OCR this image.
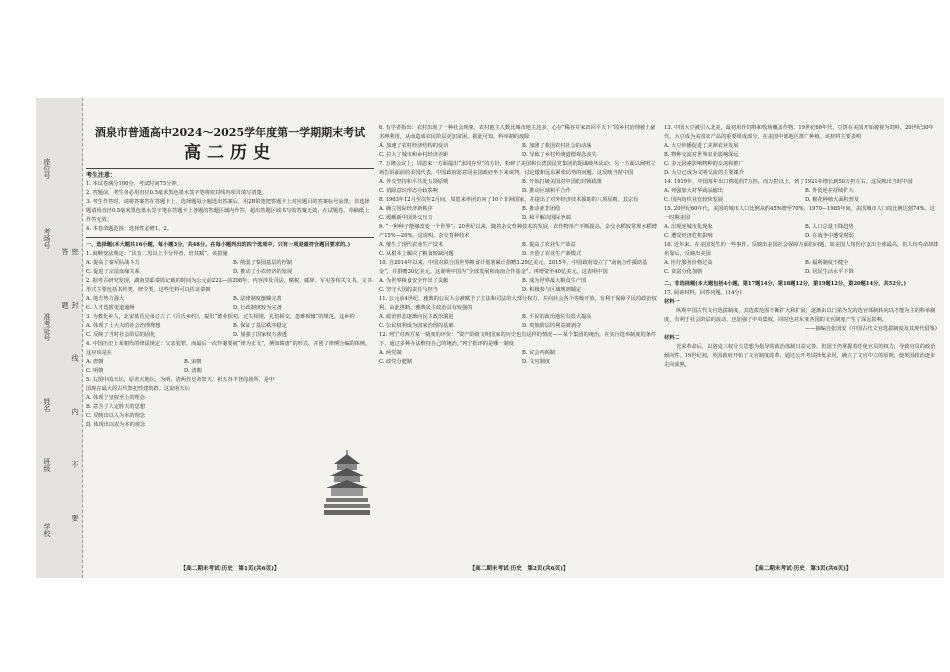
座位号
考场号
准考证号
姓名
班级
学校	密 封 线 内 不 要 答 题
酒泉市普通高中2024～2025学年度第一学期期末考试
高二历史
考生注意：
1. 本试卷满分100分，考试时间75分钟。
2. 答题前，考生务必用直径0.5毫米黑色墨水签字笔将密封线内项目填写清楚。
3. 考生作答时，请将答案答在答题卡上。选择题每小题选出答案后，用2B铅笔把答题卡上对应题目的答案标号涂黑；非选择题请用直径0.5毫米黑色墨水签字笔在答题卡上各题的答题区域内作答，超出答题区域书写的答案无效，在试题卷、草稿纸上作答无效。
4. 本卷命题范围：选择性必修1、2。
一、选择题(本大题共16小题，每小题3分，共48分。在每小题列出的四个选项中，只有一项是最符合题目要求的。)

1. 商鞅变法规定：“民有二男以上不分异者，倍其赋”。该措施

A. 提高了秦军队战斗力	B. 削弱了秦国基层的控制
C. 促进了宗法血缘关系	D. 推动了小农经济的发展

2. 据考古研究发现，湖南里耶秦简记载的时间为公元前222—前208年，内容涉及司法、赋税、邮驿、军屯等相关文书。文书形式主要包括书传类、律令类。这些史料可以佐证秦朝

A. 地方势力强大	B. 法律制度渐臻完善
C. 人才选拔渠道通畅	D. 行政制度较为完备

3. 为教化乡人，北宋蓝氏兄弟订立了《吕氏乡约》，提出“德业相劝，过失相规，礼俗相交，患难相恤”的规范。这乡约

A. 体现了士大夫的社会治理理想	B. 保证了基层秩序稳定
C. 反映了当时社会阶层的固化	D. 加强了国家权力渗透

4. 中国历史上某朝代的律法规定：父亲犯罪，而最后一次作案要被“律为正文”，例如隋唐“的形式，并创了律例合编的体例。这应该是在

A. 唐朝	B. 宋朝
C. 明朝	D. 清朝

5. 右图中的天坛，原名天地坛，为明、清两代皇帝祭天、祈五谷丰登的场所，是中国现存最大的古代祭祀性建筑群。这说明天坛

A. 体现了皇权至上的理念
B. 意含了人定胜天的思想
C. 反映出以人为本的理念
D. 体现出以农为本的观念
【高二期末考试·历史　第1页(共6页)】

6. 有学者指出：农村出现了一种社会现象，农村地主人数比城市地主还多，心存“稀谷并家田回平天下”的乡村治理被土豪劣绅利用，从而造成农民阶层更加贫困。据此可知，科举制的废除

A. 加速了农村经济结构的变动	B. 加剧了我国农村社会的动荡
C. 拉大了城市和乡村经济差距	D. 导致了乡村传统道德观念丧失

7. 万隆会议上，周恩来一方面提出“求同存异”的方针，粉碎了美国和台湾国民党集团的阴谋破坏活动；另一方面以阐明立场告诉面前的美国代表，中国政府愿意同美国政府坐下来谈判，讨论缓和远东紧张局势的问题。这反映当时中国

A. 外交坚持和平共处五项原则	B. 开始打破美国对中国的封锁政策
C. 消除意识形态分歧影响	D. 推动区域和平合作

8. 1963年12月至次年2月间，周恩来率团访问了10个非洲国家，并提出了对外经济技术援助的八项原则。其宗旨

A. 确立国际经济新秩序	B. 推动亚非团结
C. 缓解新中国外交压力	D. 和平解决国际争端

9. “一种种子能够改变一个世界”。20世纪以来，随着杂交育种技术的发展，农作物单产不断提高，杂交水稻较常规水稻增产15%—20%。这说明，杂交育种技术

A. 催生了现代农业生产技术	B. 提高了农业生产效益
C. 从根本上解决了粮食短缺问题	D. 开创了农业生产新模式

10. 自2014年以来，中国对联合国世界粮食计划署累计捐赠3.29亿美元。2015年，中国政府设立了“南南合作援助基金”，并捐赠30亿美元。这说明中国为“全球发展和南南合作基金”，再增资至40亿美元。这表明中国

A. 为世界粮食安全作出了贡献	B. 成为世界最大粮食生产国
C. 坚守大国的责任与担当	D. 积极参与区域规则制定

11. 公元前4世纪，雅典的公民大会被赋予了立法和司法的大部分权力，并向社会各个等级开放，有利于保障平民的政治权利。由此推断，雅典民主政治具有较强的

A. 政治形态逐渐向民主政治演进	B. 平民的政治地位有很大提高
C. 公民权利成为国家治理的基础	D. 贵族阶层的利益被剥夺

12. 列宁对西方某一制度的评价：“资产阶级文明国家的历史也有这样的情况——某个集团的统治，在实行选举制度的条件下，通过多种办法维持自己的统治。”列宁批评的是哪一制度

A. 两党制	B. 议会内阁制
C. 政党分肥制	D. 文官制度
【高二期末考试·历史　第2页(共6页)】

13. 中国大豆被引入北美，最初用作饲料和牧场覆盖作物。19世纪60年代，豆饼在美国开始被视为饲料。20世纪30年代，大豆成为美国农产品的重要组成部分，在美国中部地区推广种植。该材料主要表明

A. 大豆传播促进了美洲农业发展
B. 物种交流对世界农业影响深远
C. 多元因素影响物种的交流和推广
D. 大豆已成为文明交流的主要媒介

14. 1919年，中国每年出口棉花约7万担，而万担以上，到了1921年增长到50万担左右。这反映出当时中国

A. 列强加大对华商品输出	B. 外贸逆差持续扩大
C. 国内纺织业有较快发展	D. 棉花种植大面积普及

15. 20世纪60年代，美国的城市人口比例从约45%增至70%，1970—1985年间，美国城市人口的比例达到74%。这一时期美国

A. 出现逆城市化现象	B. 人口总量下降趋势
C. 遭受经济危机影响	D. 在战争中遭受削弱

16. 近年来，在美国发生的一些事件，反映出美国社会保障方面的问题，如美国人均医疗支出全球最高，但人均寿命却排名靠后，反映出美国

A. 医疗服务价格过高	B. 福利制度不健全
C. 贫富分化加剧	D. 居民生活水平下降
二、非选择题(本大题包括4小题，第17题14分，第18题12分，第19题12分，第20题14分，共52分。)
17. 阅读材料，回答问题。(14分)
材料一
纵观中国古代文官选拔制度，其选拔范围不断扩大和扩展，逐渐由以门第为先的选官体制转向以才能为主的科举制度，有利于社会阶层的流动，也加强了中央集权，同时也对东亚各国的文官制度产生了深远影响。
——摘编自张国安《中国古代文官选拔制度及其现代借鉴》
材料二
光荣革命后，以洛克三权分立思想为指导的政治体制日益完善。但国王仍掌握着任免官员的权力，导致官员的政治倾向性，19世纪初，英国政府开始了文官制度改革，通过公开考试择优录用，确立了文官中立的原则，使英国政治逐步走向成熟。
【高二期末考试·历史　第3页(共6页)】
